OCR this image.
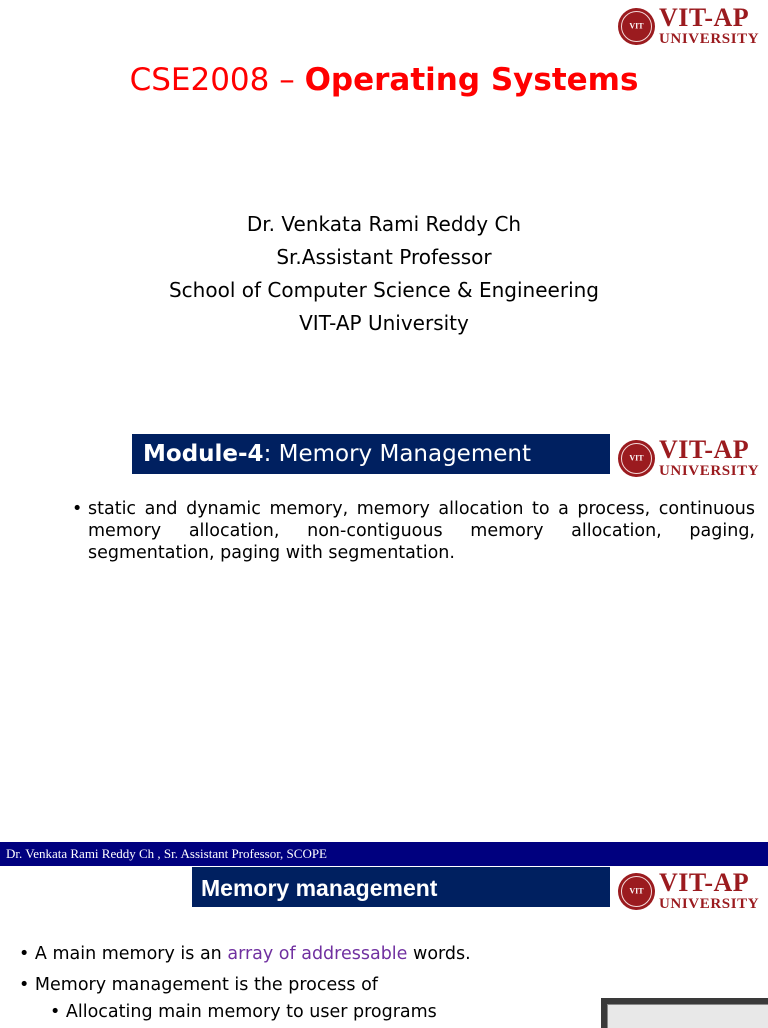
VIT VIT-AP
UNIVERSITY
CSE2008 – Operating Systems
Dr. Venkata Rami Reddy Ch
Sr.Assistant Professor
School of Computer Science & Engineering
VIT-AP University
Module-4: Memory Management	VIT VIT-AP
UNIVERSITY
• static and dynamic memory, memory allocation to a process, continuous memory allocation, non-contiguous memory allocation, paging, segmentation, paging with segmentation.
Dr. Venkata Rami Reddy Ch , Sr. Assistant Professor, SCOPE
Memory management	VIT VIT-AP
UNIVERSITY
• A main memory is an array of addressable words.
• Memory management is the process of
• Allocating main memory to user programs
